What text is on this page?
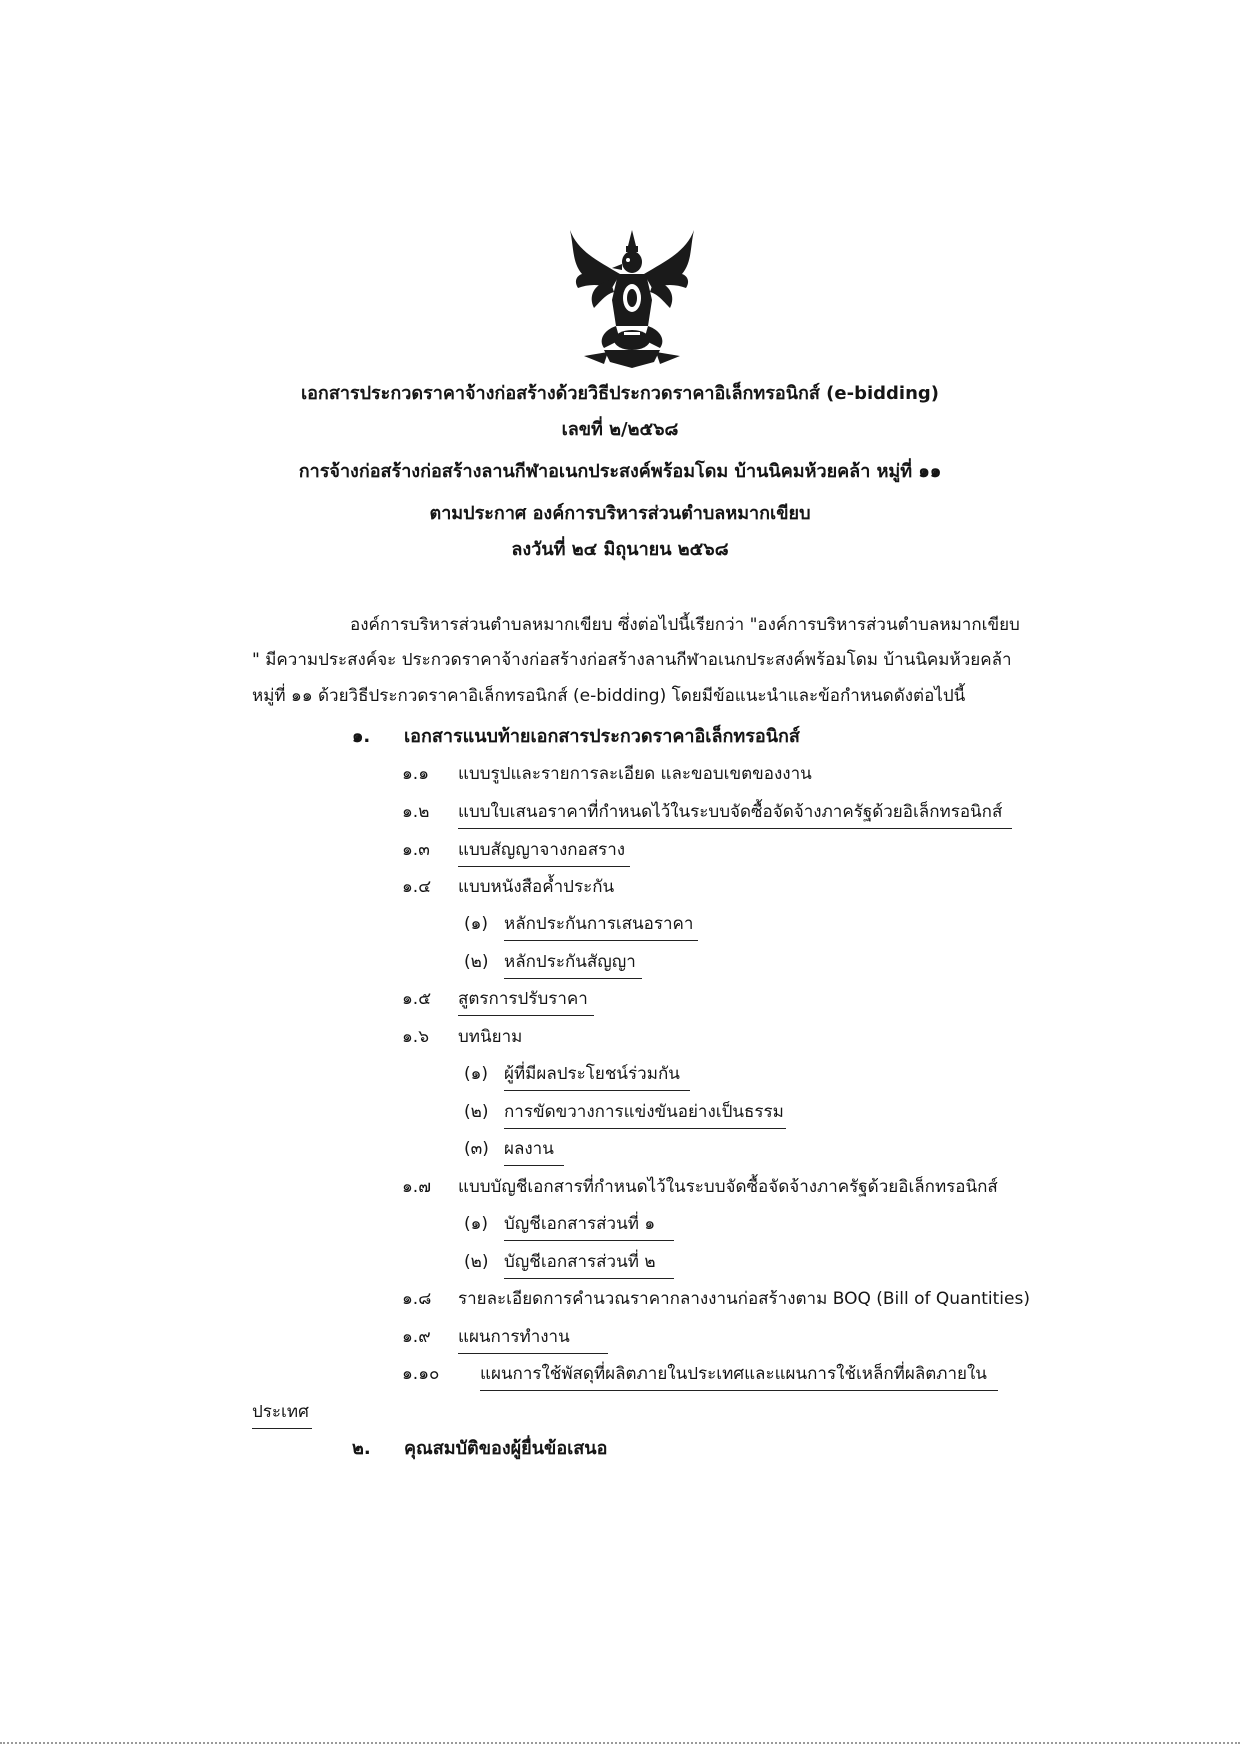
เอกสารประกวดราคาจ้างก่อสร้างด้วยวิธีประกวดราคาอิเล็กทรอนิกส์ (e-bidding)
เลขที่ ๒/๒๕๖๘
การจ้างก่อสร้างก่อสร้างลานกีฬาอเนกประสงค์พร้อมโดม บ้านนิคมห้วยคล้า หมู่ที่ ๑๑
ตามประกาศ องค์การบริหารส่วนตำบลหมากเขียบ
ลงวันที่ ๒๔ มิถุนายน ๒๕๖๘
องค์การบริหารส่วนตำบลหมากเขียบ ซึ่งต่อไปนี้เรียกว่า "องค์การบริหารส่วนตำบลหมากเขียบ
" มีความประสงค์จะ ประกวดราคาจ้างก่อสร้างก่อสร้างลานกีฬาอเนกประสงค์พร้อมโดม บ้านนิคมห้วยคล้า
หมู่ที่ ๑๑ ด้วยวิธีประกวดราคาอิเล็กทรอนิกส์ (e-bidding) โดยมีข้อแนะนำและข้อกำหนดดังต่อไปนี้
๑. เอกสารแนบท้ายเอกสารประกวดราคาอิเล็กทรอนิกส์
๑.๑ แบบรูปและรายการละเอียด และขอบเขตของงาน
๑.๒ แบบใบเสนอราคาที่กำหนดไว้ในระบบจัดซื้อจัดจ้างภาครัฐด้วยอิเล็กทรอนิกส์
๑.๓ แบบสัญญาจางกอสราง
๑.๔ แบบหนังสือค้ำประกัน
(๑) หลักประกันการเสนอราคา
(๒) หลักประกันสัญญา
๑.๕ สูตรการปรับราคา
๑.๖ บทนิยาม
(๑) ผู้ที่มีผลประโยชน์ร่วมกัน
(๒) การขัดขวางการแข่งขันอย่างเป็นธรรม
(๓) ผลงาน
๑.๗ แบบบัญชีเอกสารที่กำหนดไว้ในระบบจัดซื้อจัดจ้างภาครัฐด้วยอิเล็กทรอนิกส์
(๑) บัญชีเอกสารส่วนที่ ๑
(๒) บัญชีเอกสารส่วนที่ ๒
๑.๘ รายละเอียดการคำนวณราคากลางงานก่อสร้างตาม BOQ (Bill of Quantities)
๑.๙ แผนการทำงาน
๑.๑๐ แผนการใช้พัสดุที่ผลิตภายในประเทศและแผนการใช้เหล็กที่ผลิตภายใน
ประเทศ
๒. คุณสมบัติของผู้ยื่นข้อเสนอ
